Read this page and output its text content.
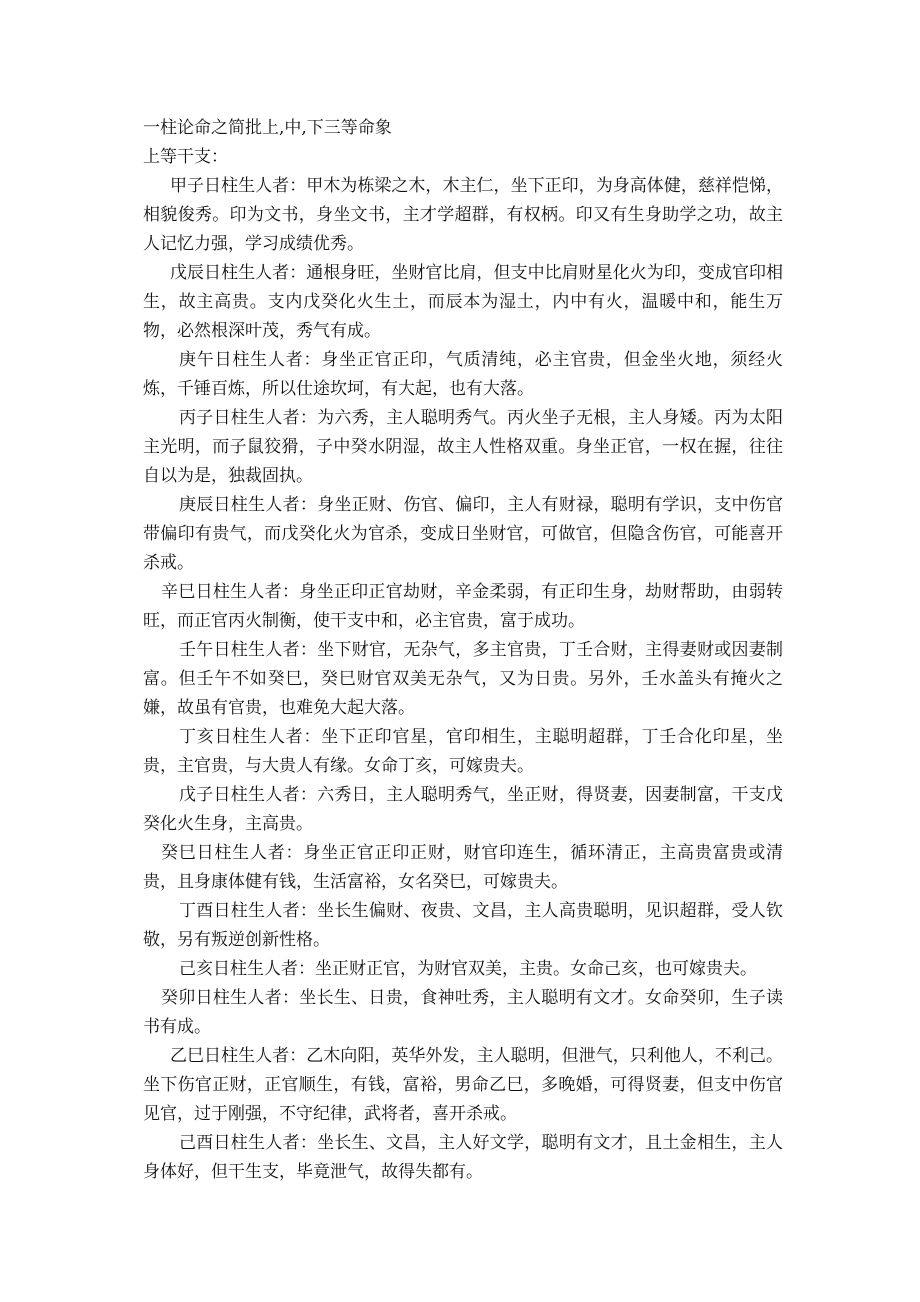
一柱论命之简批上,中,下三等命象

上等干支：

甲子日柱生人者：甲木为栋梁之木，木主仁，坐下正印，为身高体健，慈祥恺悌，相貌俊秀。印为文书，身坐文书，主才学超群，有权柄。印又有生身助学之功，故主人记忆力强，学习成绩优秀。

戊辰日柱生人者：通根身旺，坐财官比肩，但支中比肩财星化火为印，变成官印相生，故主高贵。支内戊癸化火生土，而辰本为湿土，内中有火，温暖中和，能生万物，必然根深叶茂，秀气有成。

庚午日柱生人者：身坐正官正印，气质清纯，必主官贵，但金坐火地，须经火炼，千锤百炼，所以仕途坎坷，有大起，也有大落。

丙子日柱生人者：为六秀，主人聪明秀气。丙火坐子无根，主人身矮。丙为太阳主光明，而子鼠狡猾，子中癸水阴湿，故主人性格双重。身坐正官，一权在握，往往自以为是，独裁固执。

庚辰日柱生人者：身坐正财、伤官、偏印，主人有财禄，聪明有学识，支中伤官带偏印有贵气，而戊癸化火为官杀，变成日坐财官，可做官，但隐含伤官，可能喜开杀戒。

辛巳日柱生人者：身坐正印正官劫财，辛金柔弱，有正印生身，劫财帮助，由弱转旺，而正官丙火制衡，使干支中和，必主官贵，富于成功。

壬午日柱生人者：坐下财官，无杂气，多主官贵，丁壬合财，主得妻财或因妻制富。但壬午不如癸巳，癸巳财官双美无杂气，又为日贵。另外，壬水盖头有掩火之嫌，故虽有官贵，也难免大起大落。

丁亥日柱生人者：坐下正印官星，官印相生，主聪明超群，丁壬合化印星，坐贵，主官贵，与大贵人有缘。女命丁亥，可嫁贵夫。

戊子日柱生人者：六秀日，主人聪明秀气，坐正财，得贤妻，因妻制富，干支戊癸化火生身，主高贵。

癸巳日柱生人者：身坐正官正印正财，财官印连生，循环清正，主高贵富贵或清贵，且身康体健有钱，生活富裕，女名癸巳，可嫁贵夫。

丁酉日柱生人者：坐长生偏财、夜贵、文昌，主人高贵聪明，见识超群，受人钦敬，另有叛逆创新性格。

己亥日柱生人者：坐正财正官，为财官双美，主贵。女命己亥，也可嫁贵夫。

癸卯日柱生人者：坐长生、日贵，食神吐秀，主人聪明有文才。女命癸卯，生子读书有成。

乙巳日柱生人者：乙木向阳，英华外发，主人聪明，但泄气，只利他人，不利己。坐下伤官正财，正官顺生，有钱，富裕，男命乙巳，多晚婚，可得贤妻，但支中伤官见官，过于刚强，不守纪律，武将者，喜开杀戒。

己酉日柱生人者：坐长生、文昌，主人好文学，聪明有文才，且土金相生，主人身体好，但干生支，毕竟泄气，故得失都有。
